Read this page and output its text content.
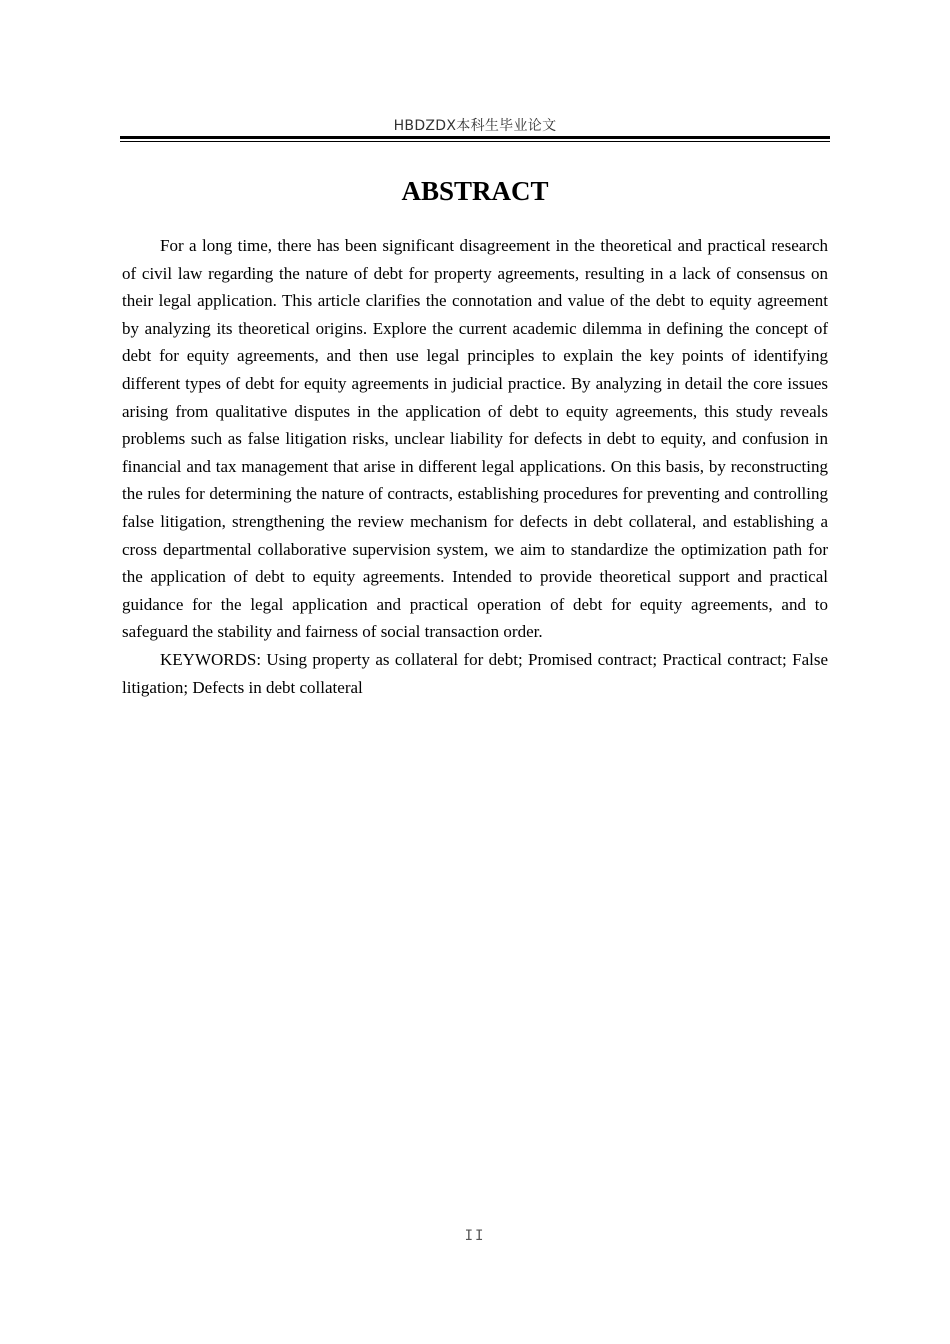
HBDZDX本科生毕业论文
ABSTRACT

For a long time, there has been significant disagreement in the theoretical and practical research of civil law regarding the nature of debt for property agreements, resulting in a lack of consensus on their legal application. This article clarifies the connotation and value of the debt to equity agreement by analyzing its theoretical origins. Explore the current academic dilemma in defining the concept of debt for equity agreements, and then use legal principles to explain the key points of identifying different types of debt for equity agreements in judicial practice. By analyzing in detail the core issues arising from qualitative disputes in the application of debt to equity agreements, this study reveals problems such as false litigation risks, unclear liability for defects in debt to equity, and confusion in financial and tax management that arise in different legal applications. On this basis, by reconstructing the rules for determining the nature of contracts, establishing procedures for preventing and controlling false litigation, strengthening the review mechanism for defects in debt collateral, and establishing a cross departmental collaborative supervision system, we aim to standardize the optimization path for the application of debt to equity agreements. Intended to provide theoretical support and practical guidance for the legal application and practical operation of debt for equity agreements, and to safeguard the stability and fairness of social transaction order.

KEYWORDS: Using property as collateral for debt; Promised contract; Practical contract; False litigation; Defects in debt collateral

II
